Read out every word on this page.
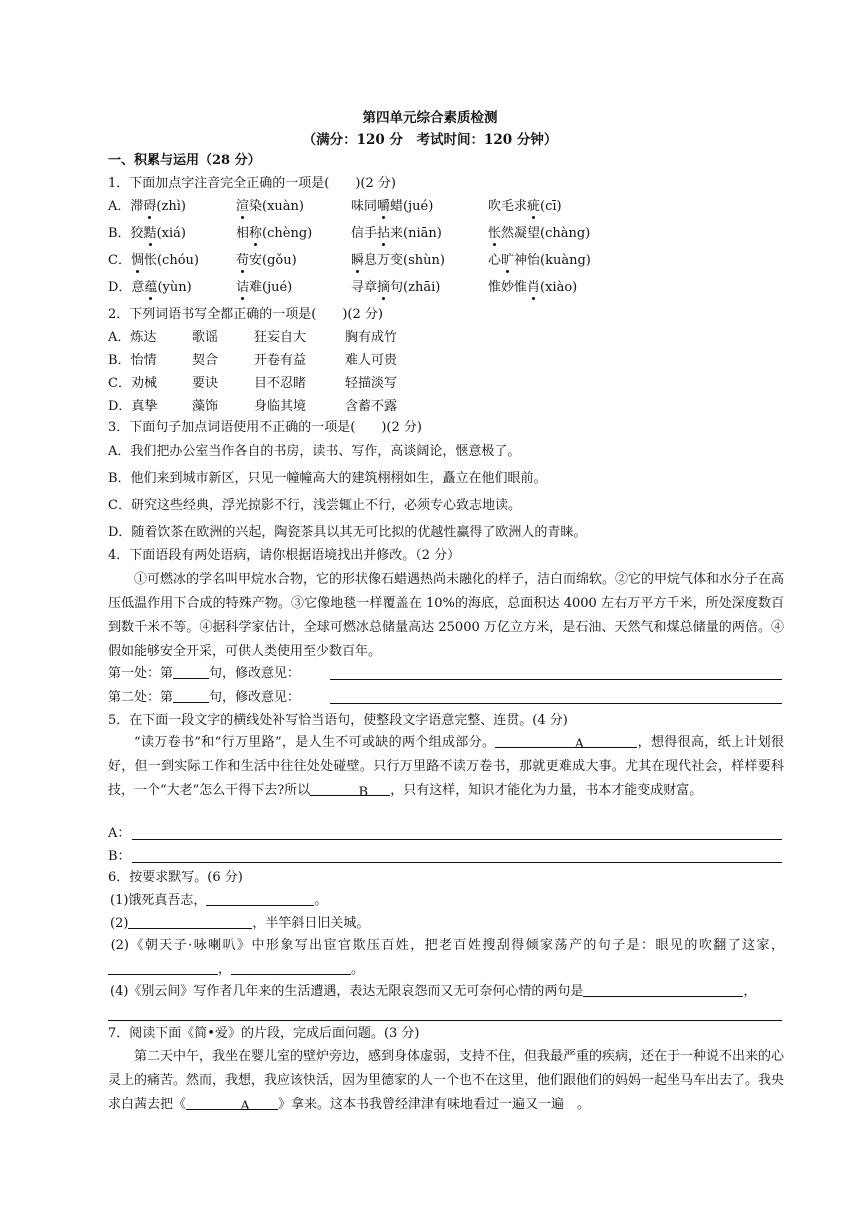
第四单元综合素质检测
（满分：120 分　考试时间：120 分钟）
一、积累与运用（28 分）
1．下面加点字注音完全正确的一项是(　　)(2 分)
A．滞碍(zhì)	渲染(xuàn)	味同嚼蜡(jué)	吹毛求疵(cī)
B．狡黠(xiá)	相称(chèng)	信手拈来(niān)	怅然凝望(chàng)
C．惆怅(chóu)	苟安(gǒu)	瞬息万变(shùn)	心旷神怡(kuàng)
D．意蕴(yùn)	诘难(jué)	寻章摘句(zhāi)	惟妙惟肖(xiào)
2．下列词语书写全都正确的一项是(　　)(2 分)
A．炼达	歌谣	狂妄自大	胸有成竹
B．怡情	契合	开卷有益	难人可贵
C．劝械	要诀	目不忍睹	轻描淡写
D．真挚	藻饰	身临其境	含蓄不露
3．下面句子加点词语使用不正确的一项是(　　)(2 分)
A．我们把办公室当作各自的书房，读书、写作，高谈阔论，惬意极了。
B．他们来到城市新区，只见一幢幢高大的建筑栩栩如生，矗立在他们眼前。
C．研究这些经典，浮光掠影不行，浅尝辄止不行，必须专心致志地读。
D．随着饮茶在欧洲的兴起，陶瓷茶具以其无可比拟的优越性赢得了欧洲人的青睐。
4．下面语段有两处语病，请你根据语境找出并修改。（2 分）
①可燃冰的学名叫甲烷水合物，它的形状像石蜡遇热尚未融化的样子，洁白而绵软。②它的甲烷气体和水分子在高压低温作用下合成的特殊产物。③它像地毯一样覆盖在 10%的海底，总面积达 4000 左右万平方千米，所处深度数百到数千米不等。④据科学家估计，全球可燃冰总储量高达 25000 万亿立方米，是石油、天然气和煤总储量的两倍。④假如能够安全开采，可供人类使用至少数百年。
第一处：第	句，修改意见：
第二处：第	句，修改意见：
5．在下面一段文字的横线处补写恰当语句，使整段文字语意完整、连贯。(4 分)
“读万卷书”和“行万里路”，是人生不可或缺的两个组成部分。	A	，想得很高，纸上计划很好，但一到实际工作和生活中往往处处碰壁。只行万里路不读万卷书，那就更难成大事。尤其在现代社会，样样要科技，一个“大老”怎么干得下去?所以	B ，只有这样，知识才能化为力量，书本才能变成财富。
A：
B：
6．按要求默写。(6 分)
(1)饿死真吾志，	。
(2)	，半竿斜日旧关城。
(2)《朝天子·咏喇叭》中形象写出宦官欺压百姓，把老百姓搜刮得倾家荡产的句子是：眼见的吹翻了这家，，	。
(4)《别云间》写作者几年来的生活遭遇，表达无限哀怨而又无可奈何心情的两句是	，
7．阅读下面《简•爱》的片段，完成后面问题。(3 分)
第二天中午，我坐在婴儿室的壁炉旁边，感到身体虚弱，支持不住，但我最严重的疾病，还在于一种说不出来的心灵上的痛苦。然而，我想，我应该快活，因为里德家的人一个也不在这里，他们跟他们的妈妈一起坐马车出去了。我央求白茜去把《	A 》拿来。这本书我曾经津津有味地看过一遍又一遍　。
